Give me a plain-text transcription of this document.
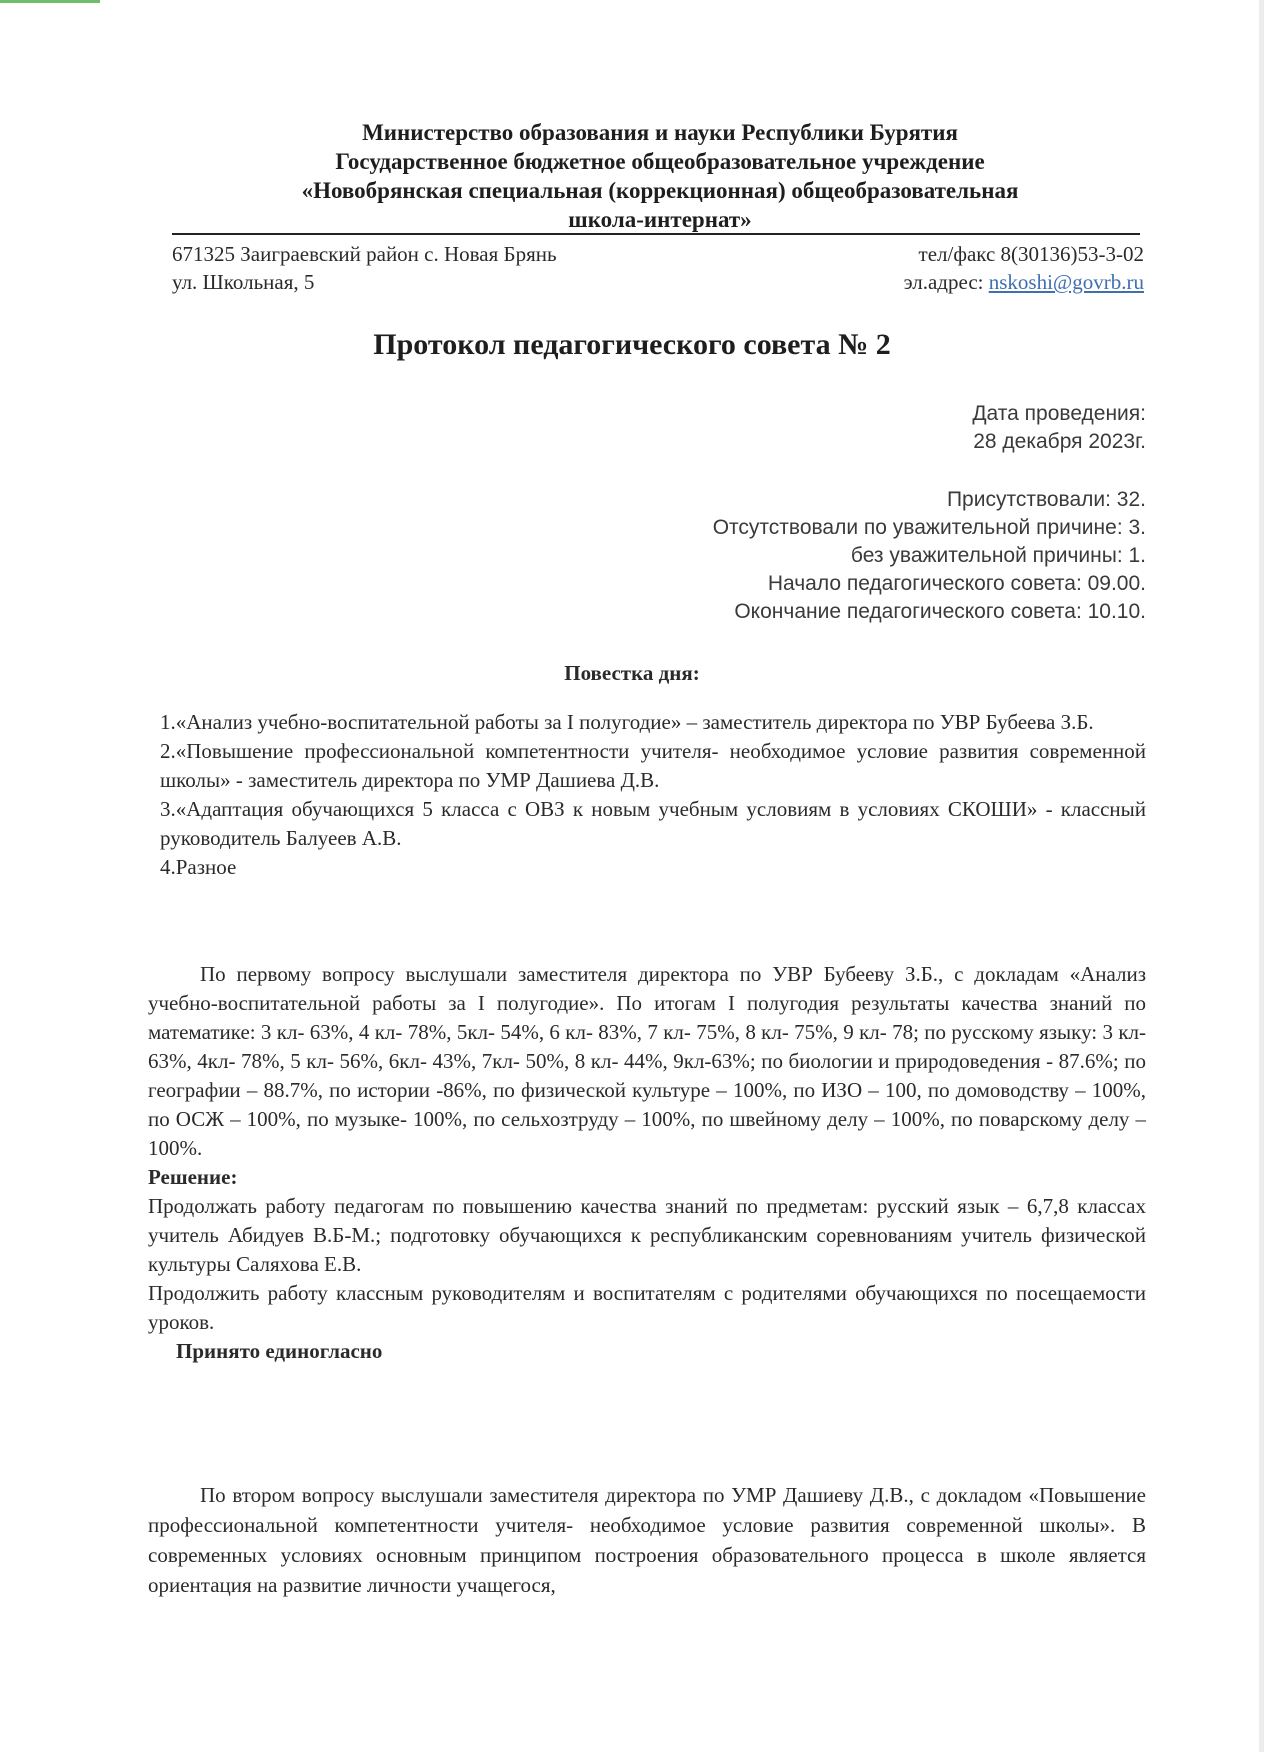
Министерство образования и науки Республики Бурятия
Государственное бюджетное общеобразовательное учреждение
«Новобрянская специальная (коррекционная) общеобразовательная
школа-интернат»
671325 Заиграевский район с. Новая Брянь
ул. Школьная, 5
тел/факс 8(30136)53-3-02
эл.адрес: nskoshi@govrb.ru
Протокол педагогического совета № 2
Дата проведения:
28 декабря 2023г.
Присутствовали: 32.
Отсутствовали по уважительной причине: 3.
без уважительной причины: 1.
Начало педагогического совета: 09.00.
Окончание педагогического совета: 10.10.
Повестка дня:

1.«Анализ учебно-воспитательной работы за I полугодие» – заместитель директора по УВР Бубеева З.Б.

2.«Повышение профессиональной компетентности учителя- необходимое условие развития современной школы» - заместитель директора по УМР Дашиева Д.В.

3.«Адаптация обучающихся 5 класса с ОВЗ к новым учебным условиям в условиях СКОШИ» - классный руководитель Балуеев А.В.

4.Разное

По первому вопросу выслушали заместителя директора по УВР Бубееву З.Б., с докладам «Анализ учебно-воспитательной работы за I полугодие». По итогам I полугодия результаты качества знаний по математике: 3 кл- 63%, 4 кл- 78%, 5кл- 54%, 6 кл- 83%, 7 кл- 75%, 8 кл- 75%, 9 кл- 78; по русскому языку: 3 кл- 63%, 4кл- 78%, 5 кл- 56%, 6кл- 43%, 7кл- 50%, 8 кл- 44%, 9кл-63%; по биологии и природоведения - 87.6%; по географии – 88.7%, по истории -86%, по физической культуре – 100%, по ИЗО – 100, по домоводству – 100%, по ОСЖ – 100%, по музыке- 100%, по сельхозтруду – 100%, по швейному делу – 100%, по поварскому делу – 100%.

Решение:

Продолжать работу педагогам по повышению качества знаний по предметам: русский язык – 6,7,8 классах учитель Абидуев В.Б-М.; подготовку обучающихся к республиканским соревнованиям учитель физической культуры Саляхова Е.В.

Продолжить работу классным руководителям и воспитателям с родителями обучающихся по посещаемости уроков.

Принято единогласно

По втором вопросу выслушали заместителя директора по УМР Дашиеву Д.В., с докладом «Повышение профессиональной компетентности учителя- необходимое условие развития современной школы». В современных условиях основным принципом построения образовательного процесса в школе является ориентация на развитие личности учащегося,
